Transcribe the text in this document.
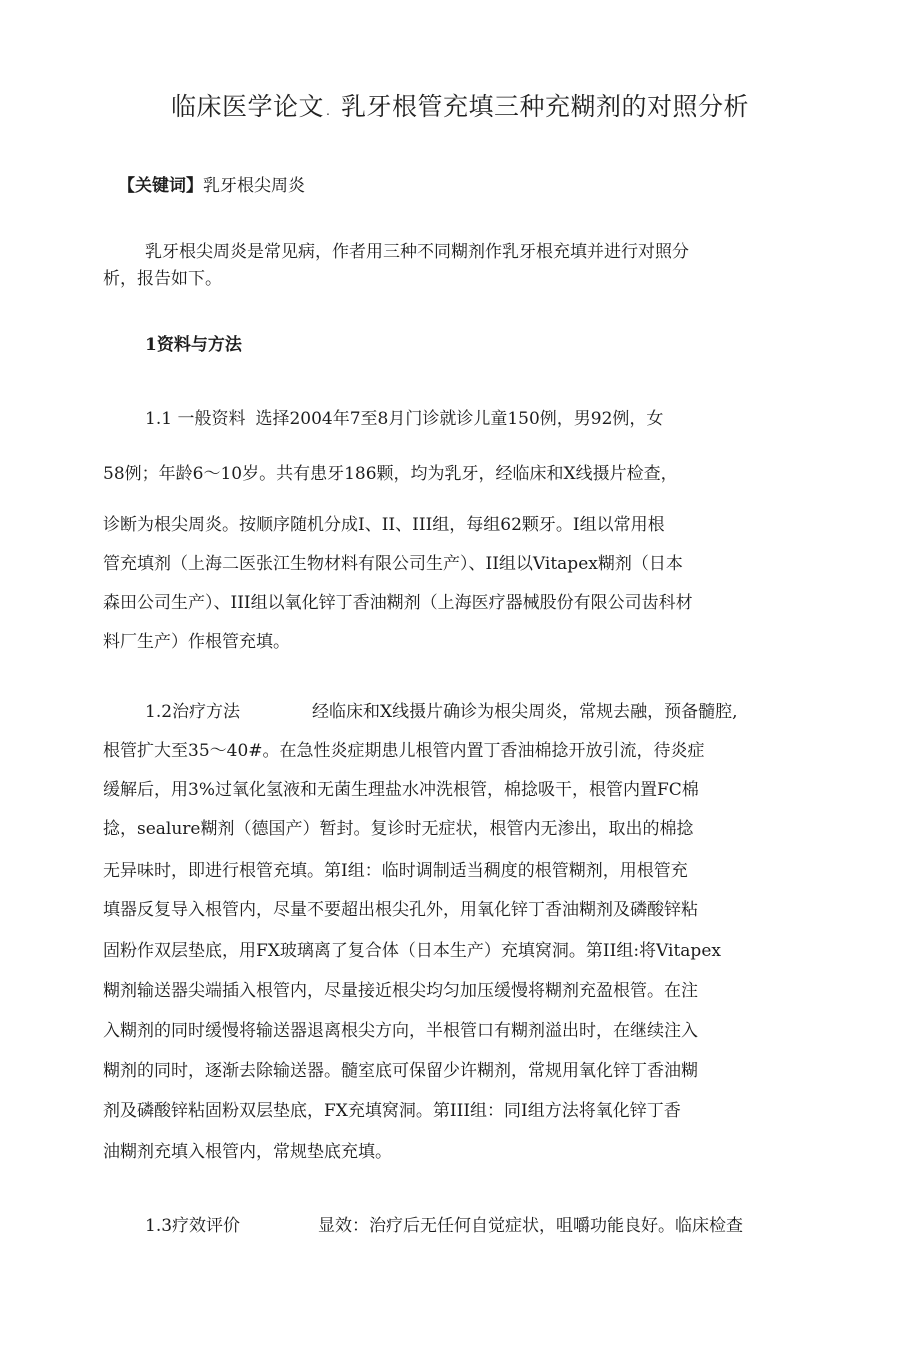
临床医学论文. 乳牙根管充填三种充糊剂的对照分析
【关键词】乳牙根尖周炎
乳牙根尖周炎是常见病，作者用三种不同糊剂作乳牙根充填并进行对照分
析，报告如下。
1资料与方法
1.1 一般资料 选择2004年7至8月门诊就诊儿童150例，男92例，女
58例；年龄6～10岁。共有患牙186颗，均为乳牙，经临床和X线摄片检查，
诊断为根尖周炎。按顺序随机分成I、II、III组，每组62颗牙。I组以常用根
管充填剂（上海二医张江生物材料有限公司生产）、II组以Vitapex糊剂（日本
森田公司生产）、III组以氧化锌丁香油糊剂（上海医疗器械股份有限公司齿科材
料厂生产）作根管充填。
1.2治疗方法	经临床和X线摄片确诊为根尖周炎，常规去融，预备髓腔,
根管扩大至35～40#。在急性炎症期患儿根管内置丁香油棉捻开放引流，待炎症
缓解后，用3%过氧化氢液和无菌生理盐水冲洗根管，棉捻吸干，根管内置FC棉
捻，sealure糊剂（德国产）暂封。复诊时无症状，根管内无渗出，取出的棉捻
无异味时，即进行根管充填。第I组：临时调制适当稠度的根管糊剂，用根管充
填器反复导入根管内，尽量不要超出根尖孔外，用氧化锌丁香油糊剂及磷酸锌粘
固粉作双层垫底，用FX玻璃离了复合体（日本生产）充填窝洞。第II组:将Vitapex
糊剂输送器尖端插入根管内，尽量接近根尖均匀加压缓慢将糊剂充盈根管。在注
入糊剂的同时缓慢将输送器退离根尖方向，半根管口有糊剂溢出时，在继续注入
糊剂的同时，逐渐去除输送器。髓室底可保留少许糊剂，常规用氧化锌丁香油糊
剂及磷酸锌粘固粉双层垫底，FX充填窝洞。第III组：同I组方法将氧化锌丁香
油糊剂充填入根管内，常规垫底充填。
1.3疗效评价	显效：治疗后无任何自觉症状，咀嚼功能良好。临床检查
